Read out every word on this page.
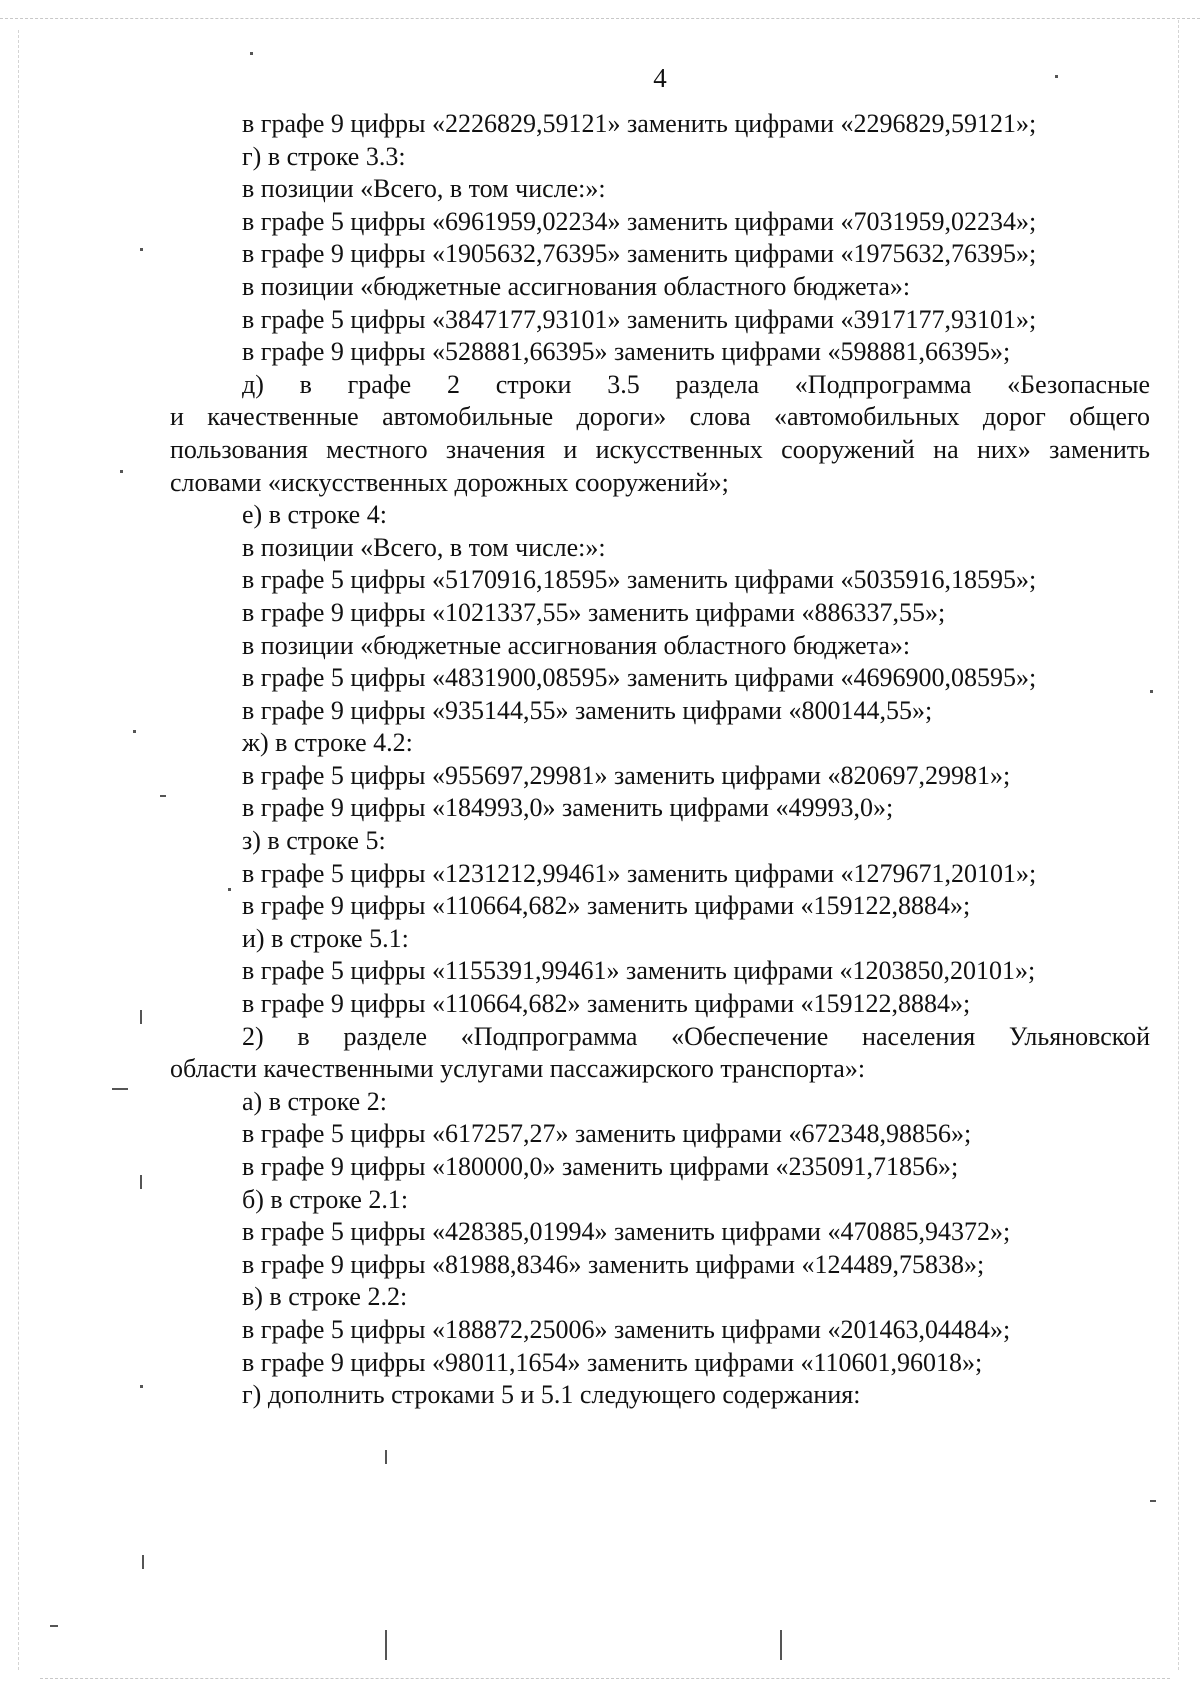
4
в графе 9 цифры «2226829,59121» заменить цифрами «2296829,59121»;
г) в строке 3.3:
в позиции «Всего, в том числе:»:
в графе 5 цифры «6961959,02234» заменить цифрами «7031959,02234»;
в графе 9 цифры «1905632,76395» заменить цифрами «1975632,76395»;
в позиции «бюджетные ассигнования областного бюджета»:
в графе 5 цифры «3847177,93101» заменить цифрами «3917177,93101»;
в графе 9 цифры «528881,66395» заменить цифрами «598881,66395»;
д) в графе 2 строки 3.5 раздела «Подпрограмма «Безопасные
и качественные автомобильные дороги» слова «автомобильных дорог общего
пользования местного значения и искусственных сооружений на них» заменить
словами «искусственных дорожных сооружений»;
е) в строке 4:
в позиции «Всего, в том числе:»:
в графе 5 цифры «5170916,18595» заменить цифрами «5035916,18595»;
в графе 9 цифры «1021337,55» заменить цифрами «886337,55»;
в позиции «бюджетные ассигнования областного бюджета»:
в графе 5 цифры «4831900,08595» заменить цифрами «4696900,08595»;
в графе 9 цифры «935144,55» заменить цифрами «800144,55»;
ж) в строке 4.2:
в графе 5 цифры «955697,29981» заменить цифрами «820697,29981»;
в графе 9 цифры «184993,0» заменить цифрами «49993,0»;
з) в строке 5:
в графе 5 цифры «1231212,99461» заменить цифрами «1279671,20101»;
в графе 9 цифры «110664,682» заменить цифрами «159122,8884»;
и) в строке 5.1:
в графе 5 цифры «1155391,99461» заменить цифрами «1203850,20101»;
в графе 9 цифры «110664,682» заменить цифрами «159122,8884»;
2) в разделе «Подпрограмма «Обеспечение населения Ульяновской
области качественными услугами пассажирского транспорта»:
а) в строке 2:
в графе 5 цифры «617257,27» заменить цифрами «672348,98856»;
в графе 9 цифры «180000,0» заменить цифрами «235091,71856»;
б) в строке 2.1:
в графе 5 цифры «428385,01994» заменить цифрами «470885,94372»;
в графе 9 цифры «81988,8346» заменить цифрами «124489,75838»;
в) в строке 2.2:
в графе 5 цифры «188872,25006» заменить цифрами «201463,04484»;
в графе 9 цифры «98011,1654» заменить цифрами «110601,96018»;
г) дополнить строками 5 и 5.1 следующего содержания:
